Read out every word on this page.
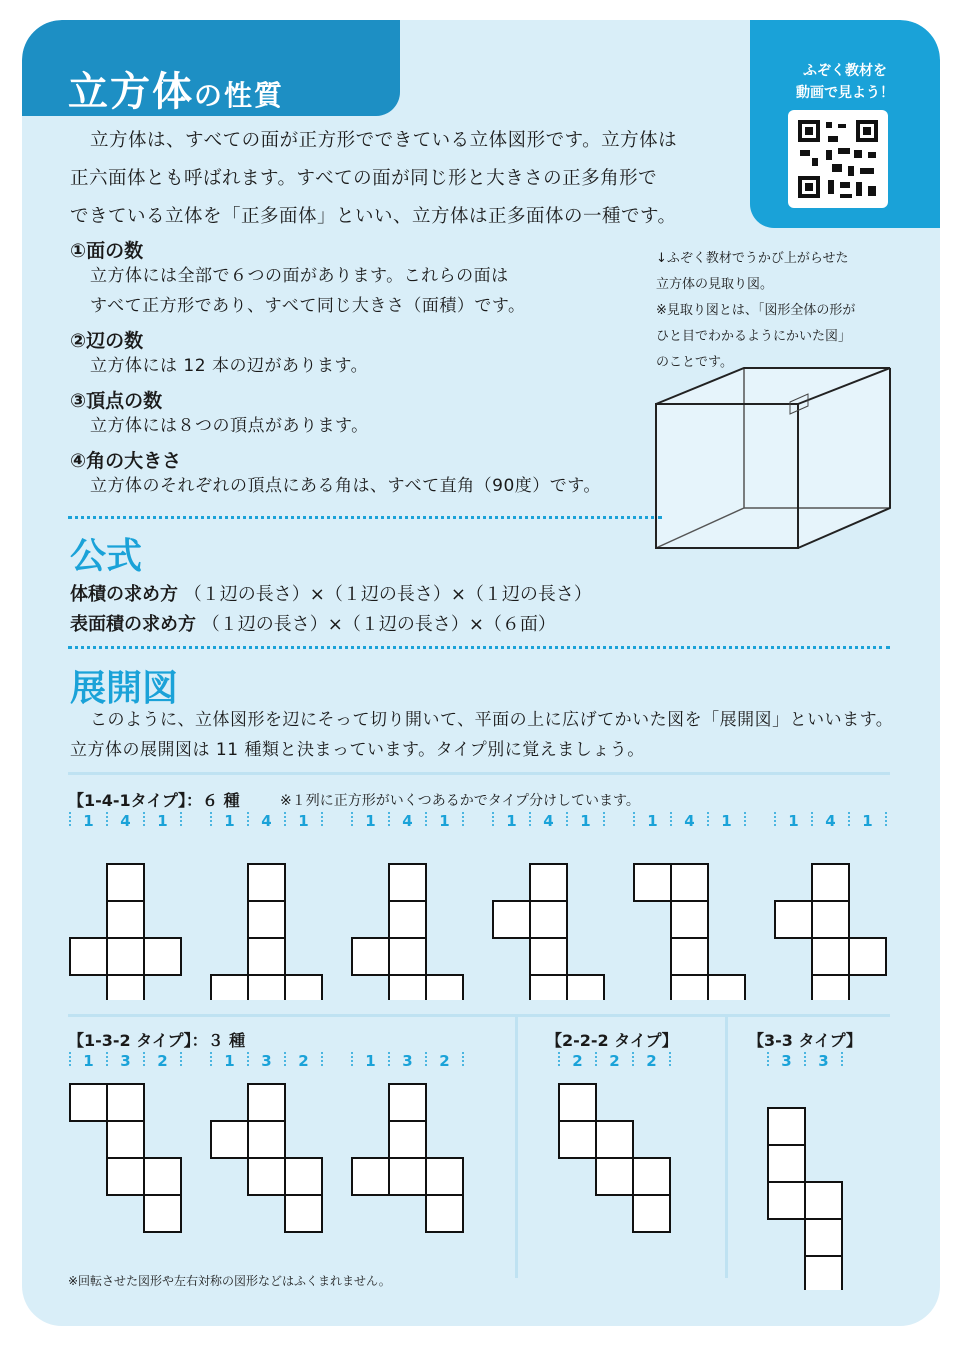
立方体の性質
ふぞく教材を
動画で見よう！
立方体は、すべての面が正方形でできている立体図形です。立方体は
正六面体とも呼ばれます。すべての面が同じ形と大きさの正多角形で
できている立体を「正多面体」といい、立方体は正多面体の一種です。
①面の数
立方体には全部で６つの面があります。これらの面は
すべて正方形であり、すべて同じ大きさ（面積）です。
②辺の数
立方体には 12 本の辺があります。
③頂点の数
立方体には８つの頂点があります。
④角の大きさ
立方体のそれぞれの頂点にある角は、すべて直角（90度）です。
↓ふぞく教材でうかび上がらせた
立方体の見取り図。
※見取り図とは、「図形全体の形が
ひと目でわかるようにかいた図」
のことです。
公式
体積の求め方 （１辺の長さ）×（１辺の長さ）×（１辺の長さ）
表面積の求め方 （１辺の長さ）×（１辺の長さ）×（６面）
展開図
このように、立体図形を辺にそって切り開いて、平面の上に広げてかいた図を「展開図」といいます。
立方体の展開図は 11 種類と決まっています。タイプ別に覚えましょう。
【1-4-1タイプ】：６ 種	※１列に正方形がいくつあるかでタイプ分けしています。
1 4 1	1 4 1	1 4 1	1 4 1	1 4 1	1 4 1
【1-3-2 タイプ】：３ 種	【2-2-2 タイプ】	【3-3 タイプ】
1 3 2	1 3 2	1 3 2	2 2 2	3 3
※回転させた図形や左右対称の図形などはふくまれません。
